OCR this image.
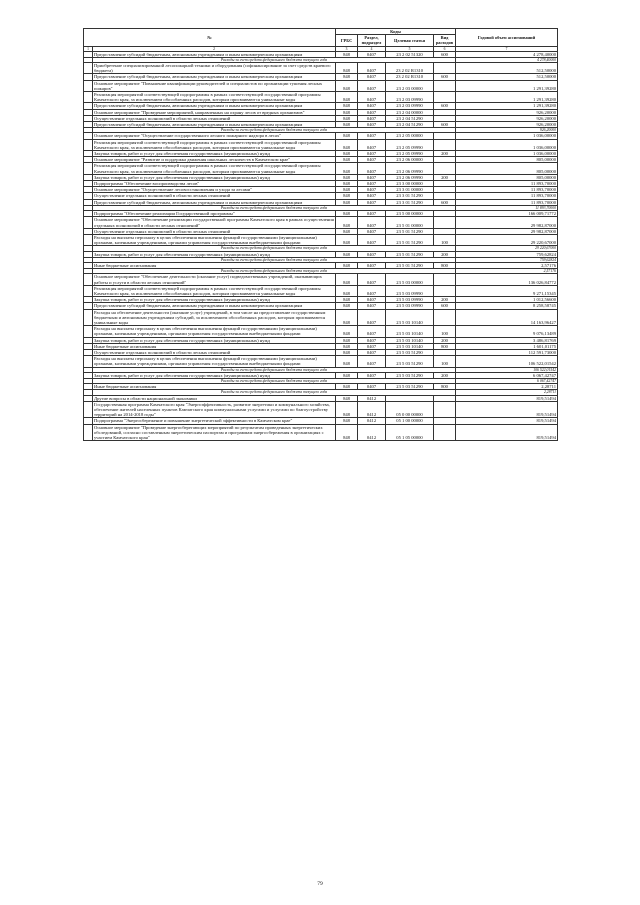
№		Коды				Годовой объем ассигнований
		ГРБС	Раздел, подраздел	Целевая статья	Вид расходов	
1	2	3	4	5	6	7
	Предоставление субсидий бюджетным, автономным учреждениям и иным некоммерческим организациям	848	0407	23 2 02 51320	600	4 278,40000
	Расходы за счет средств федерального бюджета текущего года					4 278,40000
	Приобретение специализированной лесопожарной техники и оборудования (софинансирование за счет средств краевого бюджета)	848	0407	23 2 02 R1310		512,50000
	Предоставление субсидий бюджетным, автономным учреждениям и иным некоммерческим организациям	848	0407	23 2 02 R1310	600	512,50000
	Основное мероприятие "Повышение квалификации руководителей и специалистов по организации тушения лесных пожаров"	848	0407	23 2 03 00000		1 291,39280
	Реализация мероприятий соответствующей подпрограммы в рамках соответствующей государственной программы Камчатского края, за исключением обособленных расходов, которым присваиваются уникальные коды	848	0407	23 2 03 09990		1 291,39280
	Предоставление субсидий бюджетным, автономным учреждениям и иным некоммерческим организациям	848	0407	23 2 03 09990	600	1 291,39280
	Основное мероприятие "Проведение мероприятий, направленных на охрану лесов от вредных организмов"	848	0407	23 2 04 00000		926,20000
	Осуществление отдельных полномочий в области лесных отношений	848	0407	23 2 04 51290		926,20000
	Предоставление субсидий бюджетным, автономным учреждениям и иным некоммерческим организациям	848	0407	23 2 04 51290	600	926,20000
	Расходы за счет средств федерального бюджета текущего года					926,20000
	Основное мероприятие "Осуществление государственного лесного пожарного надзора в лесах"	848	0407	23 2 05 00000		1 036,00000
	Реализация мероприятий соответствующей подпрограммы в рамках соответствующей государственной программы Камчатского края, за исключением обособленных расходов, которым присваиваются уникальные коды	848	0407	23 2 05 09990		1 036,00000
	Закупка товаров, работ и услуг для обеспечения государственных (муниципальных) нужд	848	0407	23 2 05 09990	200	1 036,00000
	Основное мероприятие "Развитие и поддержка движения школьных лесничеств в Камчатском крае"	848	0407	23 2 06 00000		805,00000
	Реализация мероприятий соответствующей подпрограммы в рамках соответствующей государственной программы Камчатского края, за исключением обособленных расходов, которым присваиваются уникальные коды	848	0407	23 2 06 09990		805,00000
	Закупка товаров, работ и услуг для обеспечения государственных (муниципальных) нужд	848	0407	23 2 06 09990	200	805,00000
	Подпрограмма "Обеспечение воспроизводства лесов"	848	0407	23 3 00 00000		11 893,70000
	Основное мероприятие "Осуществление лесовосстановления и ухода за лесами"	848	0407	23 3 01 00000		11 893,70000
	Осуществление отдельных полномочий в области лесных отношений	848	0407	23 3 01 51290		11 893,70000
	Предоставление субсидий бюджетным, автономным учреждениям и иным некоммерческим организациям	848	0407	23 3 01 51290	600	11 893,70000
	Расходы за счет средств федерального бюджета текущего года					11 893,70000
	Подпрограмма "Обеспечение реализации Государственной программы"	848	0407	23 5 00 00000		166 009,71772
	Основное мероприятие "Обеспечение реализации государственной программы Камчатского края в рамках осуществления отдельных полномочий в области лесных отношений"	848	0407	23 5 01 00000		29 982,87000
	Осуществление отдельных полномочий в области лесных отношений	848	0407	23 5 01 51290		29 982,87000
	Расходы на выплаты персоналу в целях обеспечения выполнения функций государственными (муниципальными) органами, казенными учреждениями, органами управления государственными внебюджетными фондами	848	0407	23 5 01 51290	100	29 220,67000
	Расходы за счет средств федерального бюджета текущего года					29 220,67000
	Закупка товаров, работ и услуг для обеспечения государственных (муниципальных) нужд	848	0407	23 5 01 51290	200	759,62824
	Расходы за счет средств федерального бюджета текущего года					759,62824
	Иные бюджетные ассигнования	848	0407	23 5 01 51290	800	2,57176
	Расходы за счет средств федерального бюджета текущего года					2,57176
	Основное мероприятие "Обеспечение деятельности (оказание услуг) подведомственных учреждений, оказывающих работы и услуги в области лесных отношений"	848	0407	23 5 03 00000		136 026,84772
	Реализация мероприятий соответствующей подпрограммы в рамках соответствующей государственной программы Камчатского края, за исключением обособленных расходов, которым присваиваются уникальные коды	848	0407	23 5 03 09990		9 271,15345
	Закупка товаров, работ и услуг для обеспечения государственных (муниципальных) нужд	848	0407	23 5 03 09990	200	1 012,56600
	Предоставление субсидий бюджетным, автономным учреждениям и иным некоммерческим организациям	848	0407	23 5 03 09990	600	8 258,58745
	Расходы на обеспечение деятельности (оказание услуг) учреждений, в том числе на предоставление государственным бюджетным и автономным учреждениям субсидий, за исключением обособленных расходов, которым присваиваются уникальные коды	848	0407	23 5 03 10140		14 163,96427
	Расходы на выплаты персоналу в целях обеспечения выполнения функций государственными (муниципальными) органами, казенными учреждениями, органами управления государственными внебюджетными фондами	848	0407	23 5 03 10140	100	9 076,13489
	Закупка товаров, работ и услуг для обеспечения государственных (муниципальных) нужд	848	0407	23 5 03 10140	200	3 486,81769
	Иные бюджетные ассигнования	848	0407	23 5 03 10140	800	1 601,01175
	Осуществление отдельных полномочий в области лесных отношений	848	0407	23 5 03 51290		112 591,73000
	Расходы на выплаты персоналу в целях обеспечения выполнения функций государственными (муниципальными) органами, казенными учреждениями, органами управления государственными внебюджетными фондами	848	0407	23 5 03 51290	100	106 522,01542
	Расходы за счет средств федерального бюджета текущего года					106 522,01542
	Закупка товаров, работ и услуг для обеспечения государственных (муниципальных) нужд	848	0407	23 5 03 51290	200	6 067,42747
	Расходы за счет средств федерального бюджета текущего года					6 067,42747
	Иные бюджетные ассигнования	848	0407	23 5 03 51290	800	2,28711
	Расходы за счет средств федерального бюджета текущего года					2,28711
	Другие вопросы в области национальной экономики	848	0412			819,51494
	Государственная программа Камчатского края "Энергоэффективность, развитие энергетики и коммунального хозяйства, обеспечение жителей населенных пунктов Камчатского края коммунальными услугами и услугами по благоустройству территорий на 2014-2018 годы"	848	0412	05 0 00 00000		819,51494
	Подпрограмма "Энергосбережение и повышение энергетической эффективности в Камчатском крае"	848	0412	05 1 00 00000		819,51494
	Основное мероприятие "Проведение энергосберегающих мероприятий по результатам проведенных энергетических обследований, согласно составленным энергетическим паспортам и программам энергосбережения в организациях с участием Камчатского края"	848	0412	05 1 05 00000		819,51494
79
